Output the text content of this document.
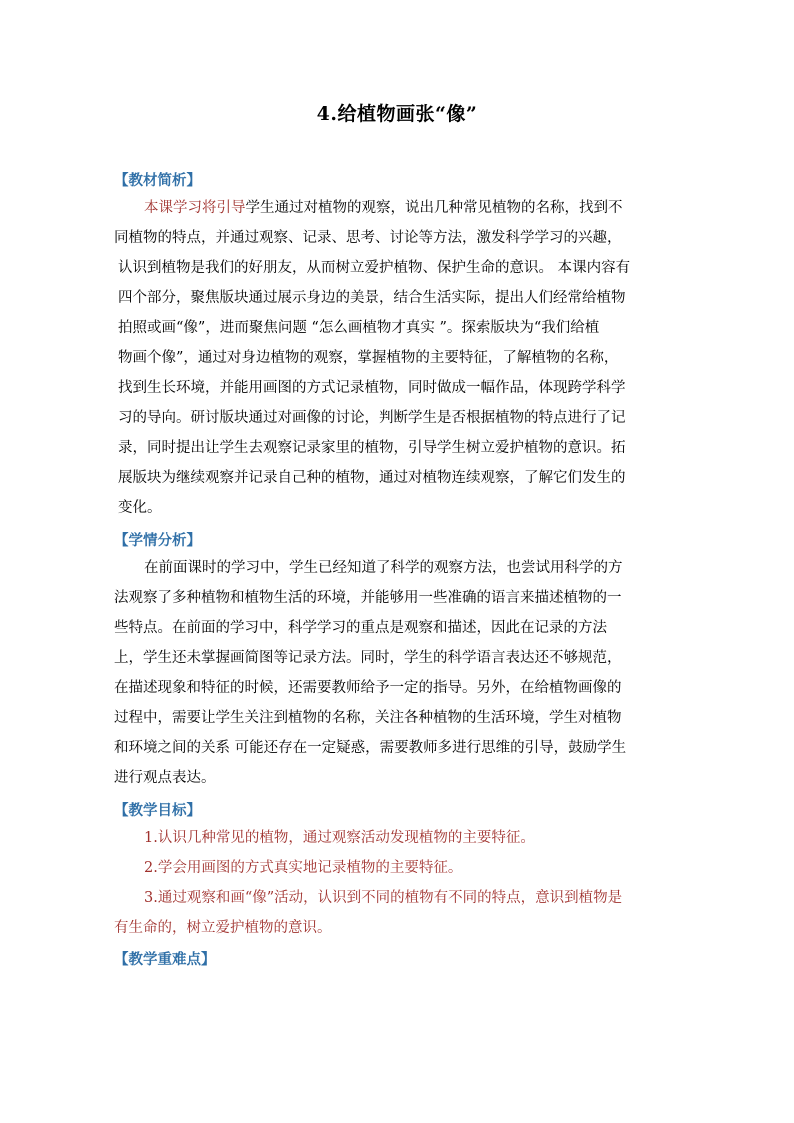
4.给植物画张“像”
【教材简析】
本课学习将引导学生通过对植物的观察，说出几种常见植物的名称，找到不
同植物的特点，并通过观察、记录、思考、讨论等方法，激发科学学习的兴趣，
认识到植物是我们的好朋友，从而树立爱护植物、保护生命的意识。 本课内容有
四个部分，聚焦版块通过展示身边的美景，结合生活实际，提出人们经常给植物
拍照或画“像”，进而聚焦问题 “怎么画植物才真实 ”。探索版块为“我们给植
物画个像”，通过对身边植物的观察，掌握植物的主要特征，了解植物的名称，
找到生长环境，并能用画图的方式记录植物，同时做成一幅作品，体现跨学科学
习的导向。研讨版块通过对画像的讨论，判断学生是否根据植物的特点进行了记
录，同时提出让学生去观察记录家里的植物，引导学生树立爱护植物的意识。拓
展版块为继续观察并记录自己种的植物，通过对植物连续观察，了解它们发生的
变化。
【学情分析】
在前面课时的学习中，学生已经知道了科学的观察方法，也尝试用科学的方
法观察了多种植物和植物生活的环境，并能够用一些准确的语言来描述植物的一
些特点。在前面的学习中，科学学习的重点是观察和描述，因此在记录的方法
上，学生还未掌握画简图等记录方法。同时，学生的科学语言表达还不够规范，
在描述现象和特征的时候，还需要教师给予一定的指导。另外，在给植物画像的
过程中，需要让学生关注到植物的名称，关注各种植物的生活环境，学生对植物
和环境之间的关系 可能还存在一定疑惑，需要教师多进行思维的引导，鼓励学生
进行观点表达。
【教学目标】
1.认识几种常见的植物，通过观察活动发现植物的主要特征。
2.学会用画图的方式真实地记录植物的主要特征。
3.通过观察和画“像”活动，认识到不同的植物有不同的特点，意识到植物是
有生命的，树立爱护植物的意识。
【教学重难点】
